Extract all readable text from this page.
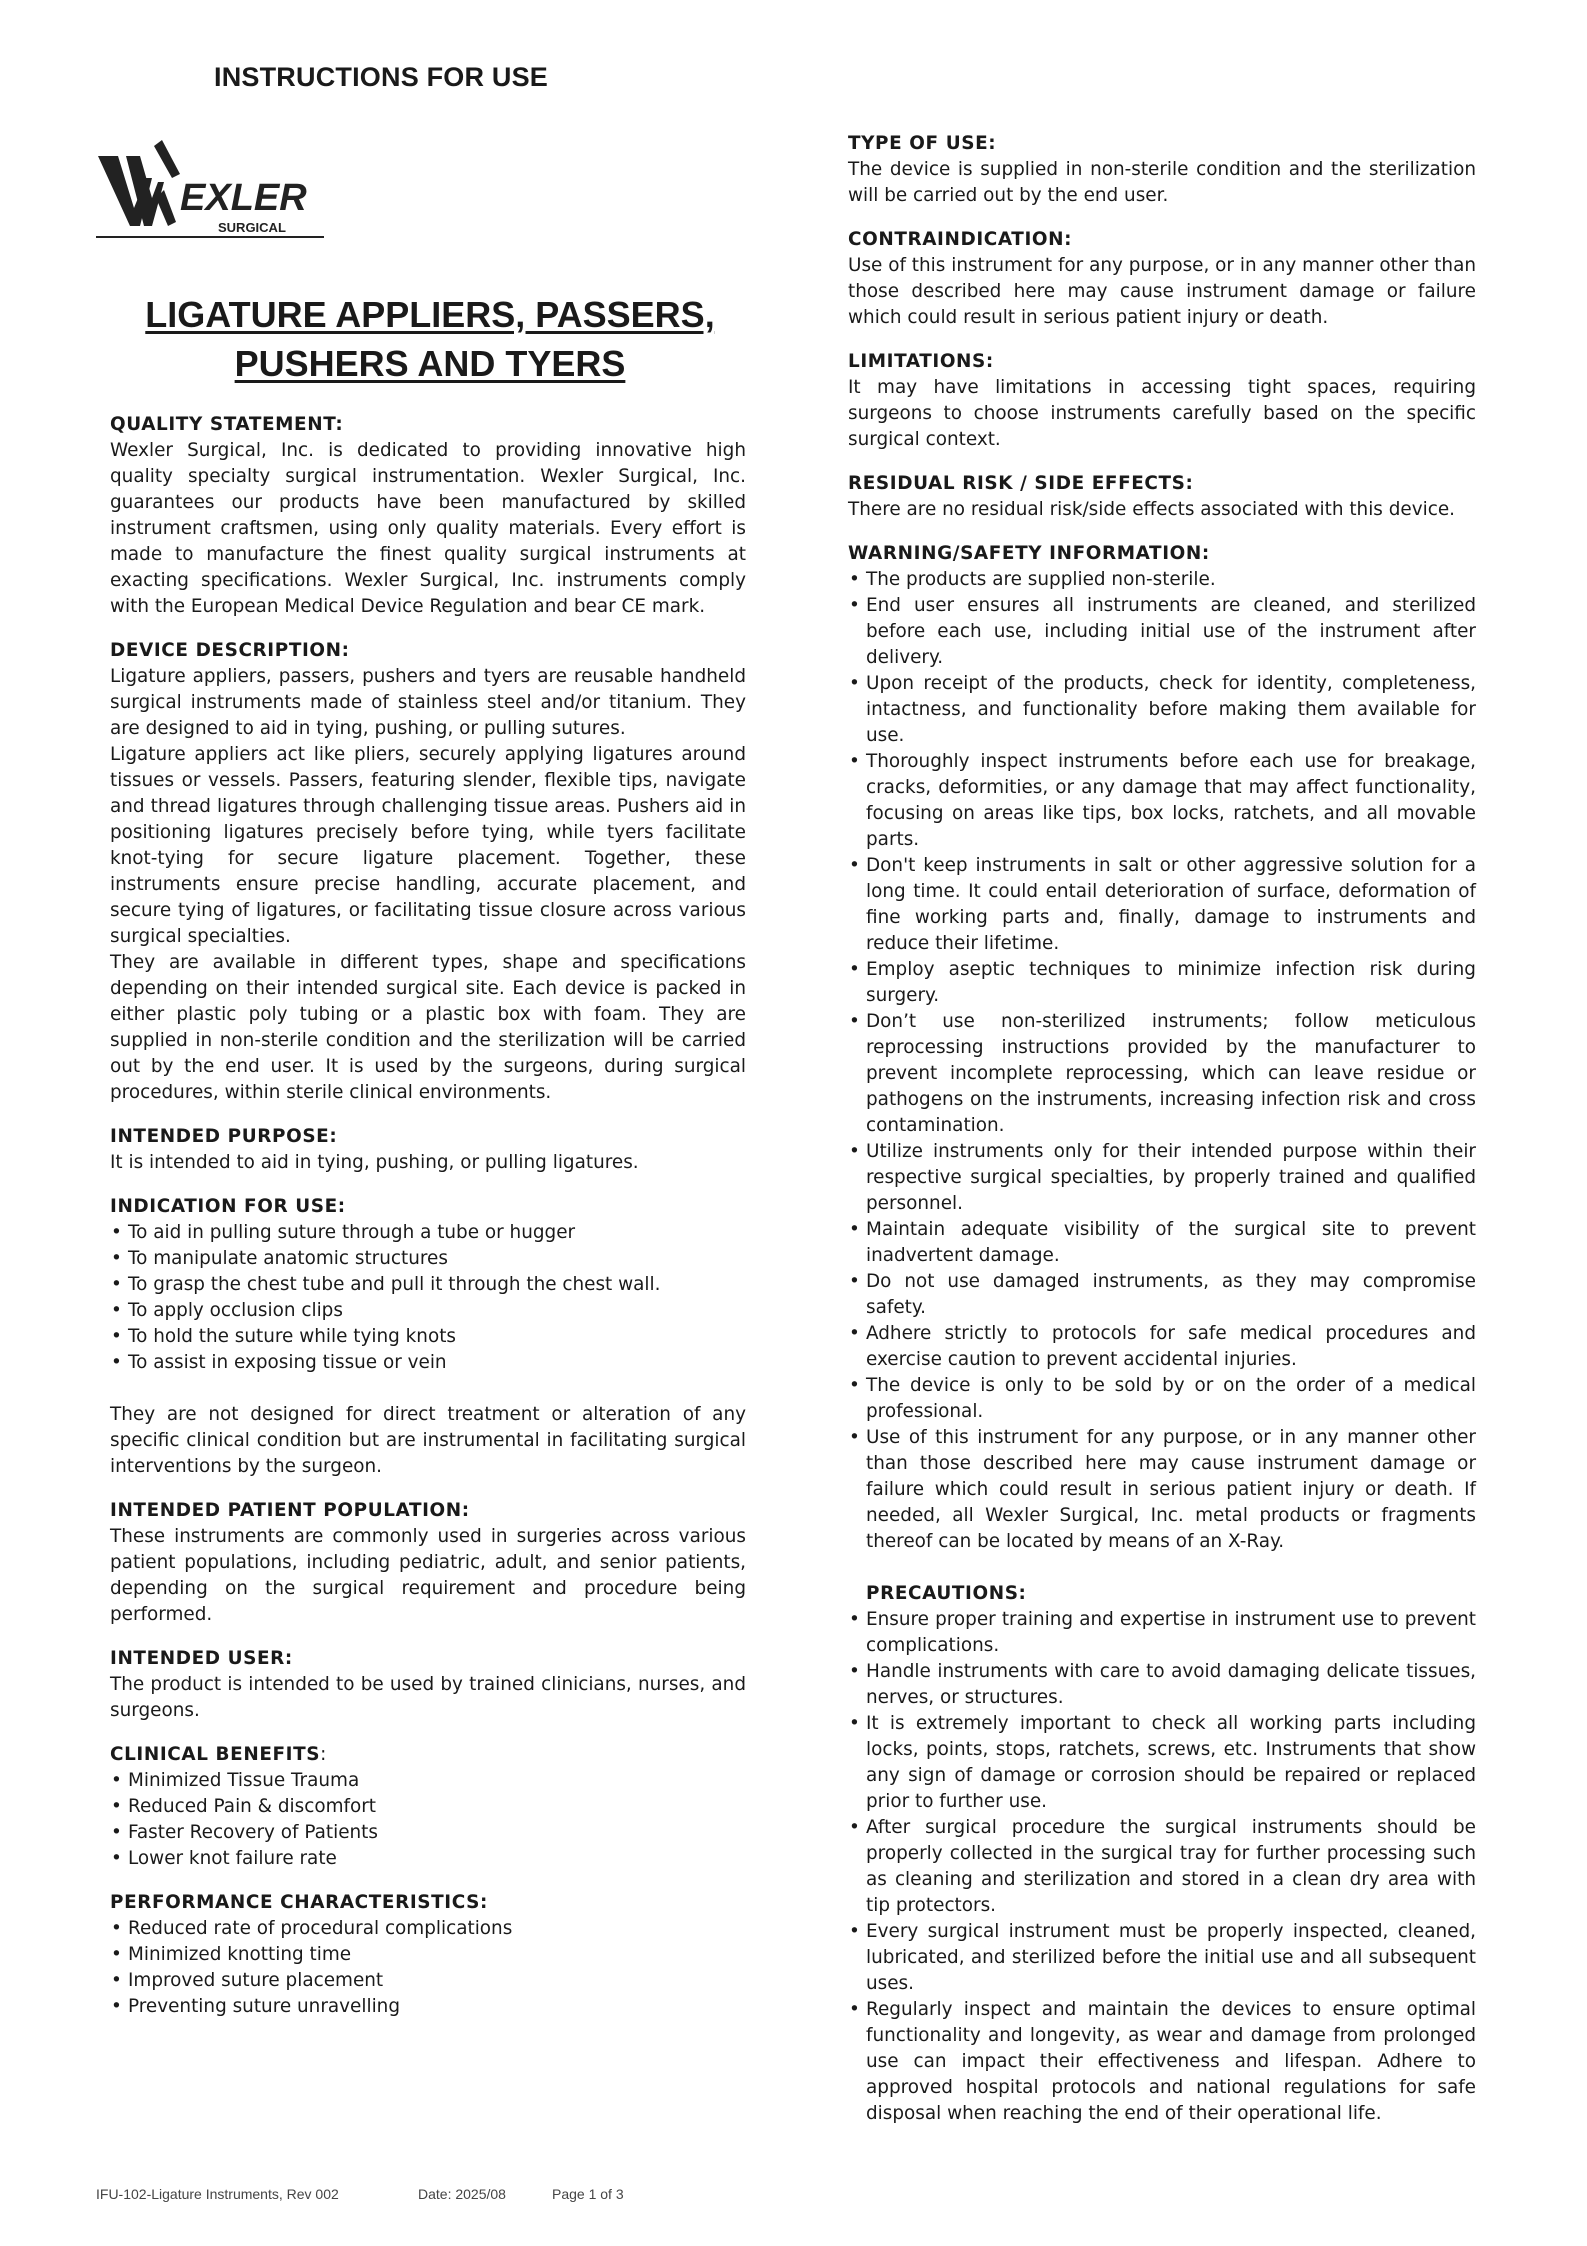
INSTRUCTIONS FOR USE
EXLER
SURGICAL
LIGATURE APPLIERS, PASSERS,
PUSHERS AND TYERS
QUALITY STATEMENT:

Wexler Surgical, Inc. is dedicated to providing innovative high quality specialty surgical instrumentation. Wexler Surgical, Inc. guarantees our products have been manufactured by skilled instrument craftsmen, using only quality materials. Every effort is made to manufacture the finest quality surgical instruments at exacting specifications. Wexler Surgical, Inc. instruments comply with the European Medical Device Regulation and bear CE mark.

DEVICE DESCRIPTION:

Ligature appliers, passers, pushers and tyers are reusable handheld surgical instruments made of stainless steel and/or titanium. They are designed to aid in tying, pushing, or pulling sutures.

Ligature appliers act like pliers, securely applying ligatures around tissues or vessels. Passers, featuring slender, flexible tips, navigate and thread ligatures through challenging tissue areas. Pushers aid in positioning ligatures precisely before tying, while tyers facilitate knot-tying for secure ligature placement. Together, these instruments ensure precise handling, accurate placement, and secure tying of ligatures, or facilitating tissue closure across various surgical specialties.

They are available in different types, shape and specifications depending on their intended surgical site. Each device is packed in either plastic poly tubing or a plastic box with foam. They are supplied in non-sterile condition and the sterilization will be carried out by the end user. It is used by the surgeons, during surgical procedures, within sterile clinical environments.

INTENDED PURPOSE:

It is intended to aid in tying, pushing, or pulling ligatures.

INDICATION FOR USE:
• To aid in pulling suture through a tube or hugger
• To manipulate anatomic structures
• To grasp the chest tube and pull it through the chest wall.
• To apply occlusion clips
• To hold the suture while tying knots
• To assist in exposing tissue or vein

They are not designed for direct treatment or alteration of any specific clinical condition but are instrumental in facilitating surgical interventions by the surgeon.

INTENDED PATIENT POPULATION:

These instruments are commonly used in surgeries across various patient populations, including pediatric, adult, and senior patients, depending on the surgical requirement and procedure being performed.

INTENDED USER:

The product is intended to be used by trained clinicians, nurses, and surgeons.

CLINICAL BENEFITS:
• Minimized Tissue Trauma
• Reduced Pain & discomfort
• Faster Recovery of Patients
• Lower knot failure rate
PERFORMANCE CHARACTERISTICS:
• Reduced rate of procedural complications
• Minimized knotting time
• Improved suture placement
• Preventing suture unravelling
TYPE OF USE:

The device is supplied in non-sterile condition and the sterilization will be carried out by the end user.

CONTRAINDICATION:

Use of this instrument for any purpose, or in any manner other than those described here may cause instrument damage or failure which could result in serious patient injury or death.

LIMITATIONS:

It may have limitations in accessing tight spaces, requiring surgeons to choose instruments carefully based on the specific surgical context.

RESIDUAL RISK / SIDE EFFECTS:

There are no residual risk/side effects associated with this device.

WARNING/SAFETY INFORMATION:
• The products are supplied non-sterile.
• End user ensures all instruments are cleaned, and sterilized before each use, including initial use of the instrument after delivery.
• Upon receipt of the products, check for identity, completeness, intactness, and functionality before making them available for use.
• Thoroughly inspect instruments before each use for breakage, cracks, deformities, or any damage that may affect functionality, focusing on areas like tips, box locks, ratchets, and all movable parts.
• Don't keep instruments in salt or other aggressive solution for a long time. It could entail deterioration of surface, deformation of fine working parts and, finally, damage to instruments and reduce their lifetime.
• Employ aseptic techniques to minimize infection risk during surgery.
• Don’t use non-sterilized instruments; follow meticulous reprocessing instructions provided by the manufacturer to prevent incomplete reprocessing, which can leave residue or pathogens on the instruments, increasing infection risk and cross contamination.
• Utilize instruments only for their intended purpose within their respective surgical specialties, by properly trained and qualified personnel.
• Maintain adequate visibility of the surgical site to prevent inadvertent damage.
• Do not use damaged instruments, as they may compromise safety.
• Adhere strictly to protocols for safe medical procedures and exercise caution to prevent accidental injuries.
• The device is only to be sold by or on the order of a medical professional.
• Use of this instrument for any purpose, or in any manner other than those described here may cause instrument damage or failure which could result in serious patient injury or death. If needed, all Wexler Surgical, Inc. metal products or fragments thereof can be located by means of an X-Ray.
PRECAUTIONS:
• Ensure proper training and expertise in instrument use to prevent complications.
• Handle instruments with care to avoid damaging delicate tissues, nerves, or structures.
• It is extremely important to check all working parts including locks, points, stops, ratchets, screws, etc. Instruments that show any sign of damage or corrosion should be repaired or replaced prior to further use.
• After surgical procedure the surgical instruments should be properly collected in the surgical tray for further processing such as cleaning and sterilization and stored in a clean dry area with tip protectors.
• Every surgical instrument must be properly inspected, cleaned, lubricated, and sterilized before the initial use and all subsequent uses.
• Regularly inspect and maintain the devices to ensure optimal functionality and longevity, as wear and damage from prolonged use can impact their effectiveness and lifespan. Adhere to approved hospital protocols and national regulations for safe disposal when reaching the end of their operational life.
IFU-102-Ligature Instruments, Rev 002	Date: 2025/08	Page 1 of 3
